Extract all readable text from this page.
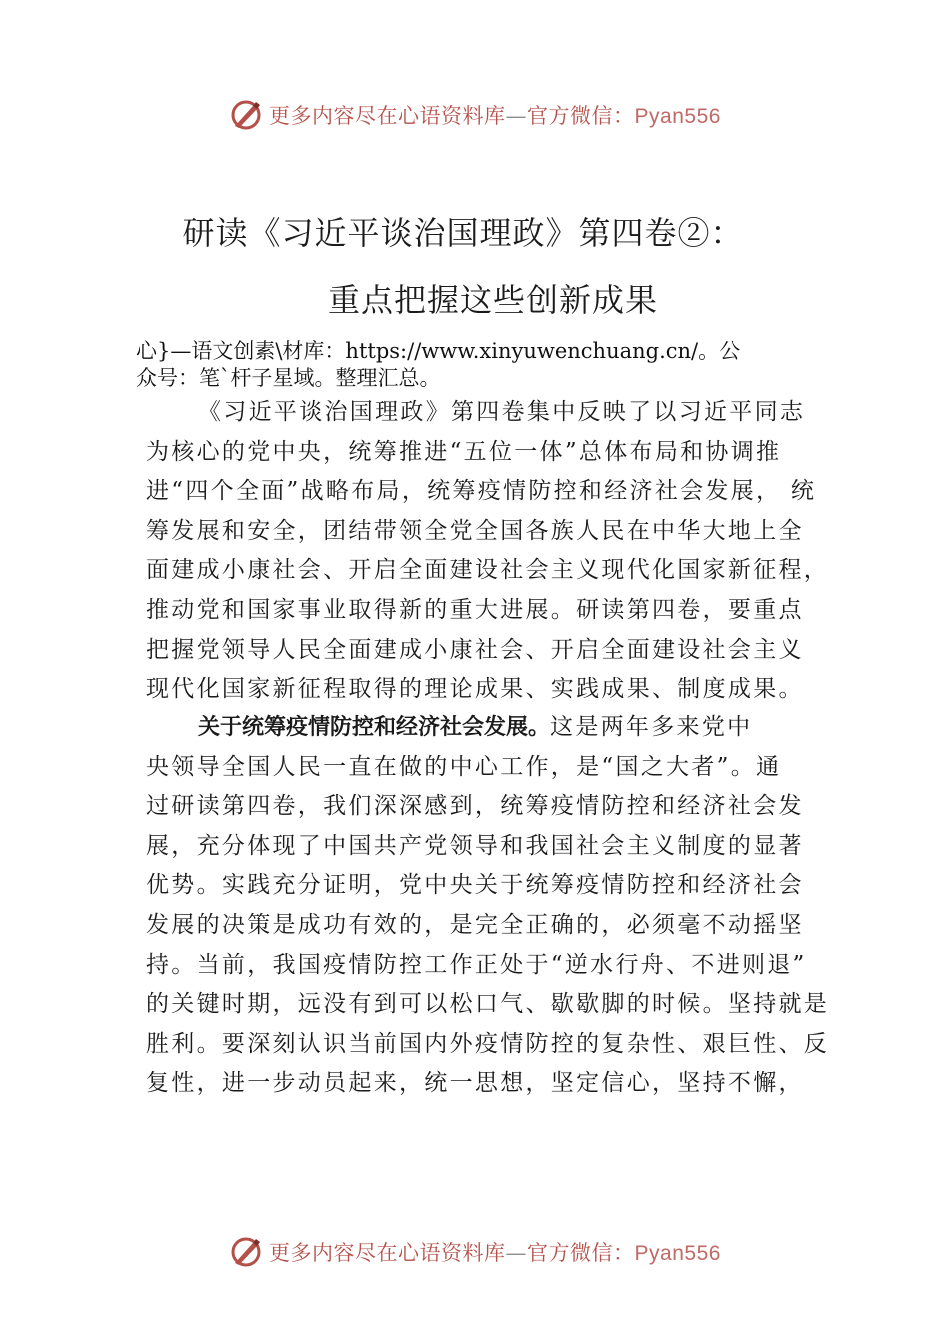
更多内容尽在心语资料库—官方微信：Pyan556
研读《习近平谈治国理政》第四卷②：
重点把握这些创新成果
心}—语文创素\材库：https://www.xinyuwenchuang.cn/。公
众号：笔`杆子星域。整理汇总。
《习近平谈治国理政》第四卷集中反映了以习近平同志
为核心的党中央，统筹推进“五位一体”总体布局和协调推
进“四个全面”战略布局，统筹疫情防控和经济社会发展， 统
筹发展和安全，团结带领全党全国各族人民在中华大地上全
面建成小康社会、开启全面建设社会主义现代化国家新征程，
推动党和国家事业取得新的重大进展。研读第四卷，要重点
把握党领导人民全面建成小康社会、开启全面建设社会主义
现代化国家新征程取得的理论成果、实践成果、制度成果。
关于统筹疫情防控和经济社会发展。这是两年多来党中
央领导全国人民一直在做的中心工作，是“国之大者”。通
过研读第四卷，我们深深感到，统筹疫情防控和经济社会发
展，充分体现了中国共产党领导和我国社会主义制度的显著
优势。实践充分证明，党中央关于统筹疫情防控和经济社会
发展的决策是成功有效的，是完全正确的，必须毫不动摇坚
持。当前，我国疫情防控工作正处于“逆水行舟、不进则退”
的关键时期，远没有到可以松口气、歇歇脚的时候。坚持就是
胜利。要深刻认识当前国内外疫情防控的复杂性、艰巨性、反
复性，进一步动员起来，统一思想，坚定信心，坚持不懈，
更多内容尽在心语资料库—官方微信：Pyan556
